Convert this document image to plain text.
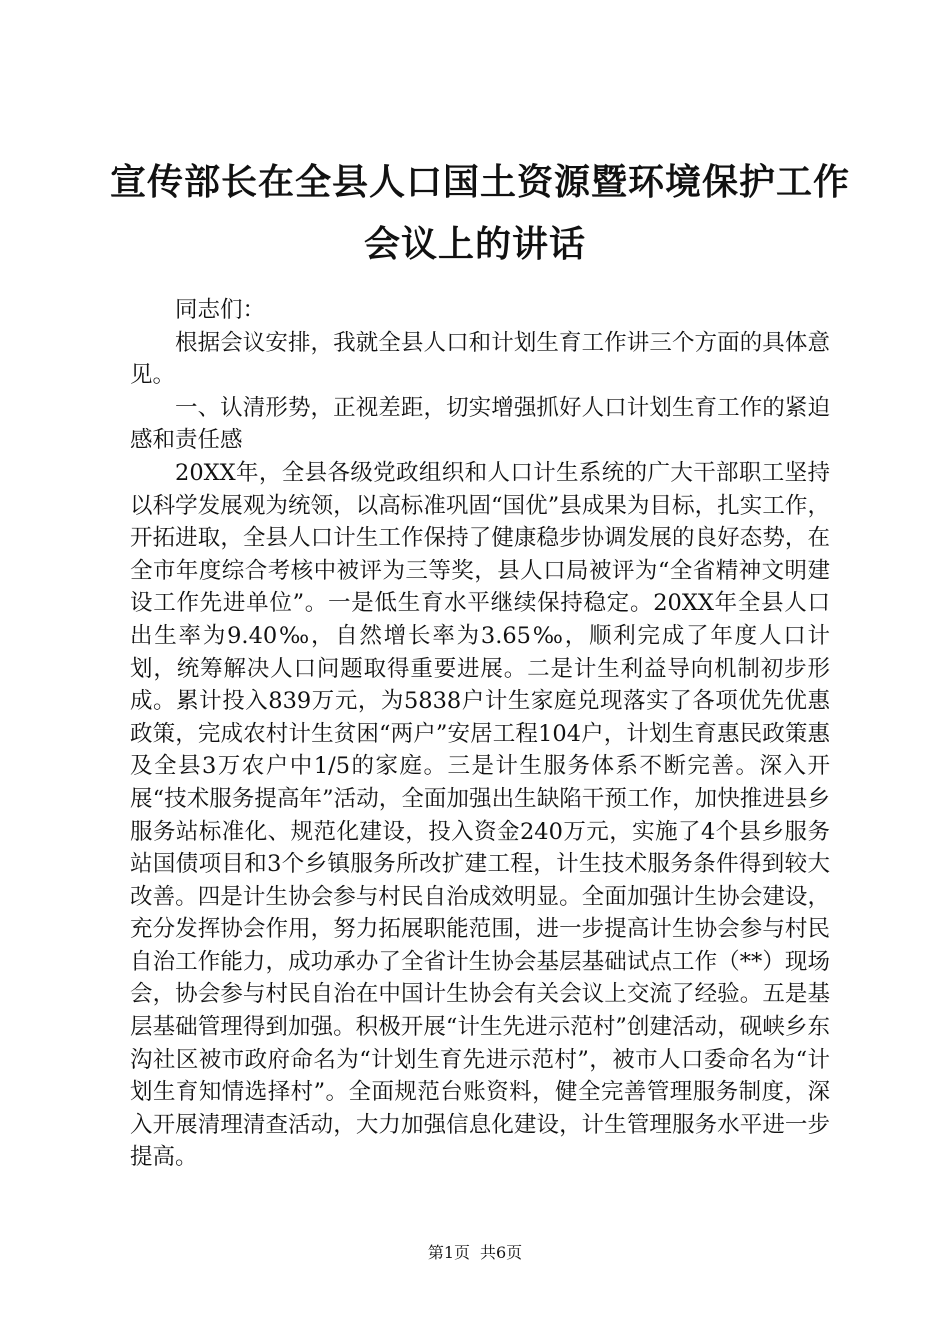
宣传部长在全县人口国土资源暨环境保护工作
会议上的讲话

同志们：

根据会议安排，我就全县人口和计划生育工作讲三个方面的具体意见。

一、认清形势，正视差距，切实增强抓好人口计划生育工作的紧迫感和责任感

20XX年，全县各级党政组织和人口计生系统的广大干部职工坚持以科学发展观为统领，以高标准巩固“国优”县成果为目标，扎实工作，开拓进取，全县人口计生工作保持了健康稳步协调发展的良好态势，在全市年度综合考核中被评为三等奖，县人口局被评为“全省精神文明建设工作先进单位”。一是低生育水平继续保持稳定。20XX年全县人口出生率为9.40‰，自然增长率为3.65‰，顺利完成了年度人口计划，统筹解决人口问题取得重要进展。二是计生利益导向机制初步形成。累计投入839万元，为5838户计生家庭兑现落实了各项优先优惠政策，完成农村计生贫困“两户”安居工程104户，计划生育惠民政策惠及全县3万农户中1/5的家庭。三是计生服务体系不断完善。深入开展“技术服务提高年”活动，全面加强出生缺陷干预工作，加快推进县乡服务站标准化、规范化建设，投入资金240万元，实施了4个县乡服务站国债项目和3个乡镇服务所改扩建工程，计生技术服务条件得到较大改善。四是计生协会参与村民自治成效明显。全面加强计生协会建设，充分发挥协会作用，努力拓展职能范围，进一步提高计生协会参与村民自治工作能力，成功承办了全省计生协会基层基础试点工作（**）现场会，协会参与村民自治在中国计生协会有关会议上交流了经验。五是基层基础管理得到加强。积极开展“计生先进示范村”创建活动，砚峡乡东沟社区被市政府命名为“计划生育先进示范村”，被市人口委命名为“计划生育知情选择村”。全面规范台账资料，健全完善管理服务制度，深入开展清理清查活动，大力加强信息化建设，计生管理服务水平进一步提高。

第1页 共6页
